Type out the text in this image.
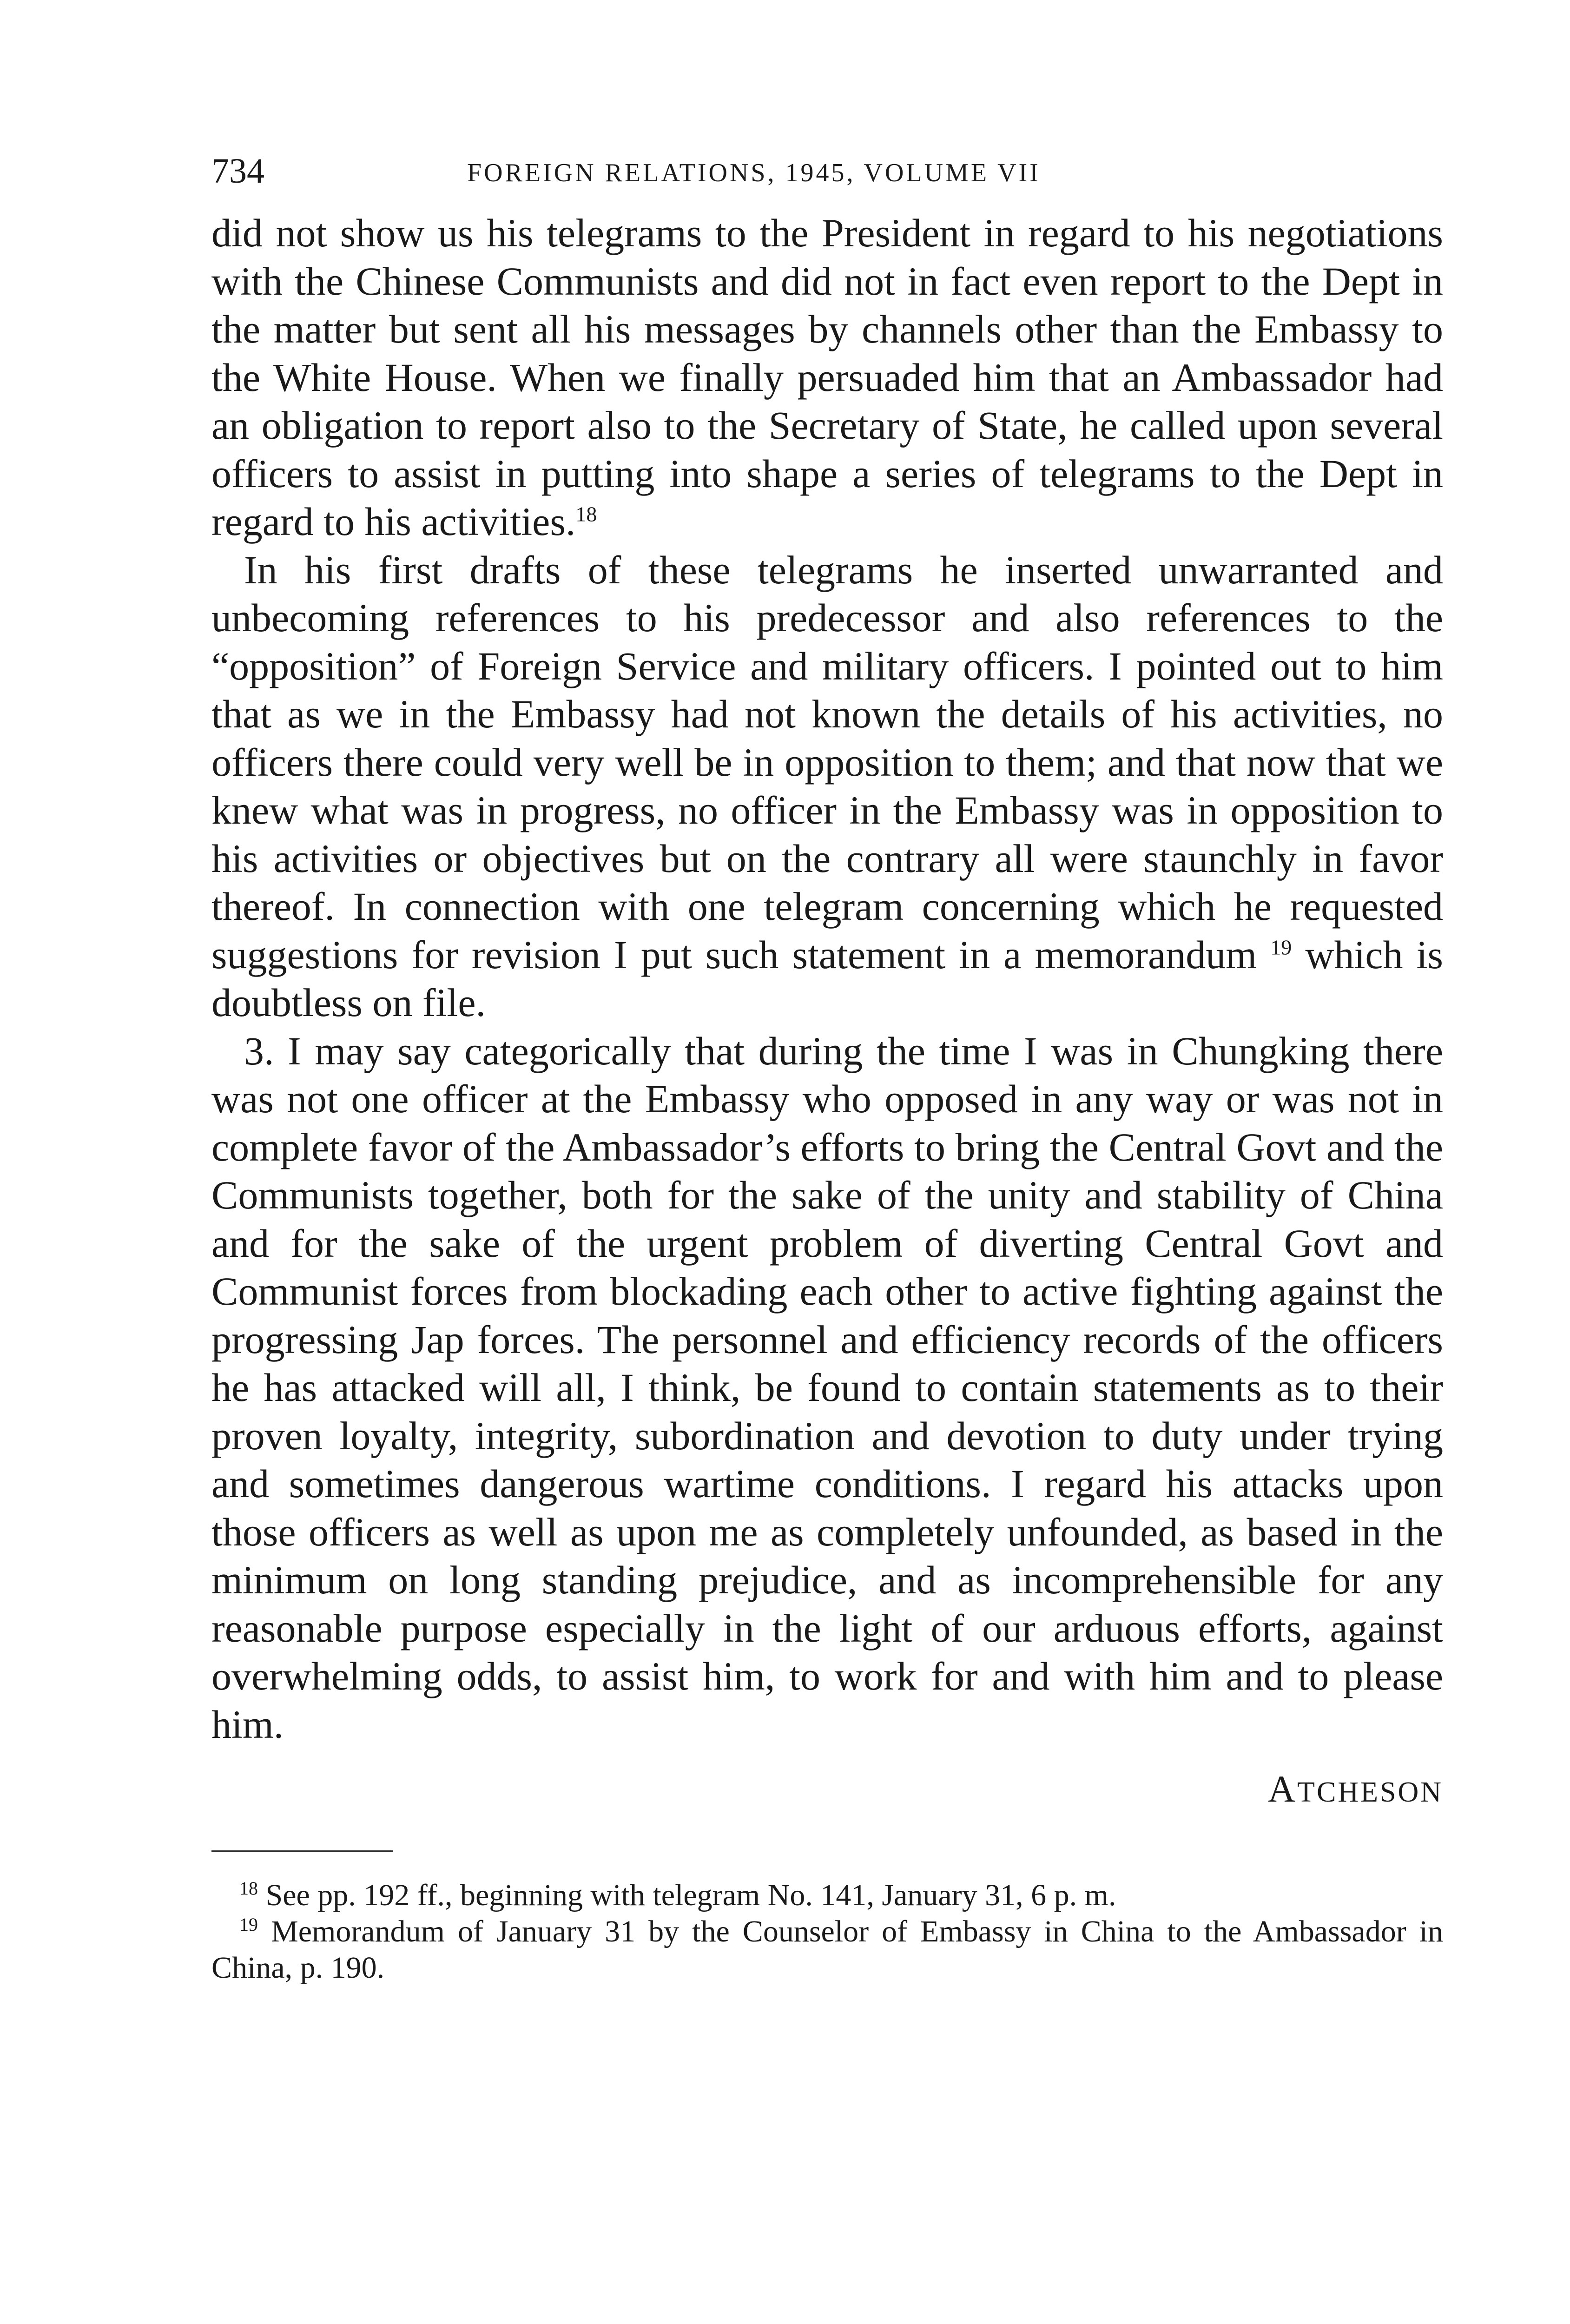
734	FOREIGN RELATIONS, 1945, VOLUME VII

did not show us his telegrams to the President in regard to his negotiations with the Chinese Communists and did not in fact even report to the Dept in the matter but sent all his messages by channels other than the Embassy to the White House. When we finally persuaded him that an Ambassador had an obligation to report also to the Secretary of State, he called upon several officers to assist in putting into shape a series of telegrams to the Dept in regard to his activities.$^{18}$

In his first drafts of these telegrams he inserted unwarranted and unbecoming references to his predecessor and also references to the “opposition” of Foreign Service and military officers. I pointed out to him that as we in the Embassy had not known the details of his activities, no officers there could very well be in opposition to them; and that now that we knew what was in progress, no officer in the Embassy was in opposition to his activities or objectives but on the contrary all were staunchly in favor thereof. In connection with one telegram concerning which he requested suggestions for revision I put such statement in a memorandum $^{19}$ which is doubtless on file.

3. I may say categorically that during the time I was in Chungking there was not one officer at the Embassy who opposed in any way or was not in complete favor of the Ambassador’s efforts to bring the Central Govt and the Communists together, both for the sake of the unity and stability of China and for the sake of the urgent problem of diverting Central Govt and Communist forces from blockading each other to active fighting against the progressing Jap forces. The personnel and efficiency records of the officers he has attacked will all, I think, be found to contain statements as to their proven loyalty, integrity, subordination and devotion to duty under trying and sometimes dangerous wartime conditions. I regard his attacks upon those officers as well as upon me as completely unfounded, as based in the minimum on long standing prejudice, and as incomprehensible for any reasonable purpose especially in the light of our arduous efforts, against overwhelming odds, to assist him, to work for and with him and to please him.

ATCHESON

$^{18}$ See pp. 192 ff., beginning with telegram No. 141, January 31, 6 p. m.

$^{19}$ Memorandum of January 31 by the Counselor of Embassy in China to the Ambassador in China, p. 190.
